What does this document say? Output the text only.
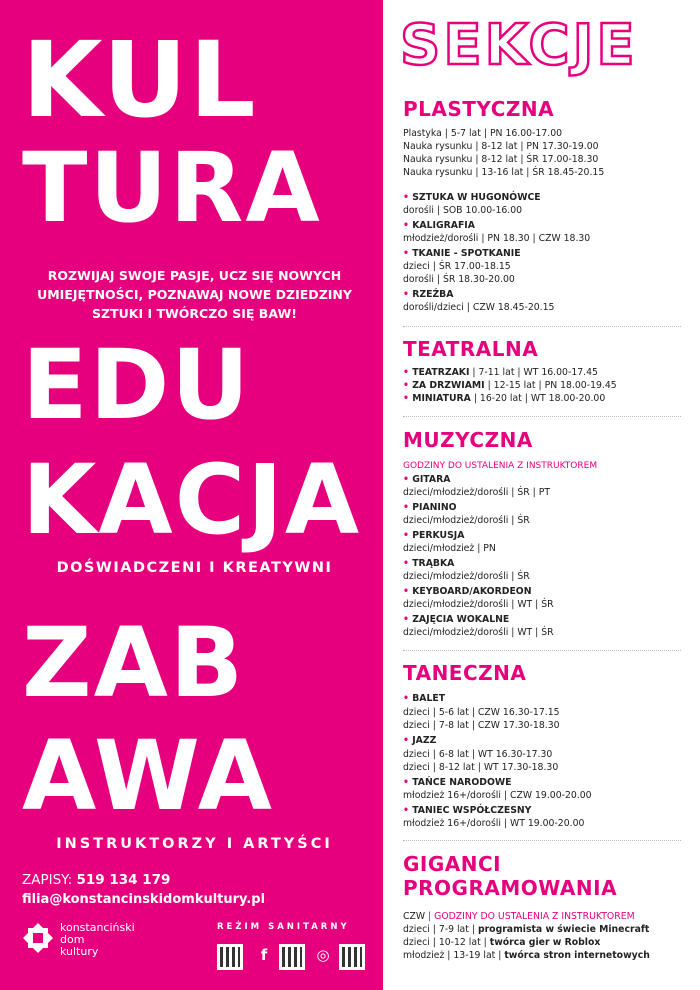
KUL
TURA
ROZWIJAJ SWOJE PASJE, UCZ SIĘ NOWYCH UMIEJĘTNOŚCI, POZNAWAJ NOWE DZIEDZINY SZTUKI I TWÓRCZO SIĘ BAW!
EDU
KACJA
DOŚWIADCZENI I KREATYWNI
ZAB
AWA
INSTRUKTORZY I ARTYŚCI
ZAPISY: 519 134 179
filia@konstancinskidomkultury.pl
konstanciński
dom
kultury
REŻIM SANITARNY
f	◎
SEKCJE
PLASTYCZNA
Plastyka | 5-7 lat | PN 16.00-17.00
Nauka rysunku | 8-12 lat | PN 17.30-19.00
Nauka rysunku | 8-12 lat | ŚR 17.00-18.30
Nauka rysunku | 13-16 lat | ŚR 18.45-20.15
• SZTUKA W HUGONÓWCE
dorośli | SOB 10.00-16.00
• KALIGRAFIA
młodzież/dorośli | PN 18.30 | CZW 18.30
• TKANIE - SPOTKANIE
dzieci | ŚR 17.00-18.15
dorośli | ŚR 18.30-20.00
• RZEŹBA
dorośli/dzieci | CZW 18.45-20.15
TEATRALNA
• TEATRZAKI | 7-11 lat | WT 16.00-17.45
• ZA DRZWIAMI | 12-15 lat | PN 18.00-19.45
• MINIATURA | 16-20 lat | WT 18.00-20.00
MUZYCZNA
GODZINY DO USTALENIA Z INSTRUKTOREM
• GITARA
dzieci/młodzież/dorośli | ŚR | PT
• PIANINO
dzieci/młodzież/dorośli | ŚR
• PERKUSJA
dzieci/młodzież | PN
• TRĄBKA
dzieci/młodzież/dorośli | ŚR
• KEYBOARD/AKORDEON
dzieci/młodzież/dorośli | WT | ŚR
• ZAJĘCIA WOKALNE
dzieci/młodzież/dorośli | WT | ŚR
TANECZNA
• BALET
dzieci | 5-6 lat | CZW 16.30-17.15
dzieci | 7-8 lat | CZW 17.30-18.30
• JAZZ
dzieci | 6-8 lat | WT 16.30-17.30
dzieci | 8-12 lat | WT 17.30-18.30
• TAŃCE NARODOWE
młodzież 16+/dorośli | CZW 19.00-20.00
• TANIEC WSPÓŁCZESNY
młodzież 16+/dorośli | WT 19.00-20.00
GIGANCI
PROGRAMOWANIA
CZW | GODZINY DO USTALENIA Z INSTRUKTOREM
dzieci | 7-9 lat | programista w świecie Minecraft
dzieci | 10-12 lat | twórca gier w Roblox
młodzież | 13-19 lat | twórca stron internetowych
